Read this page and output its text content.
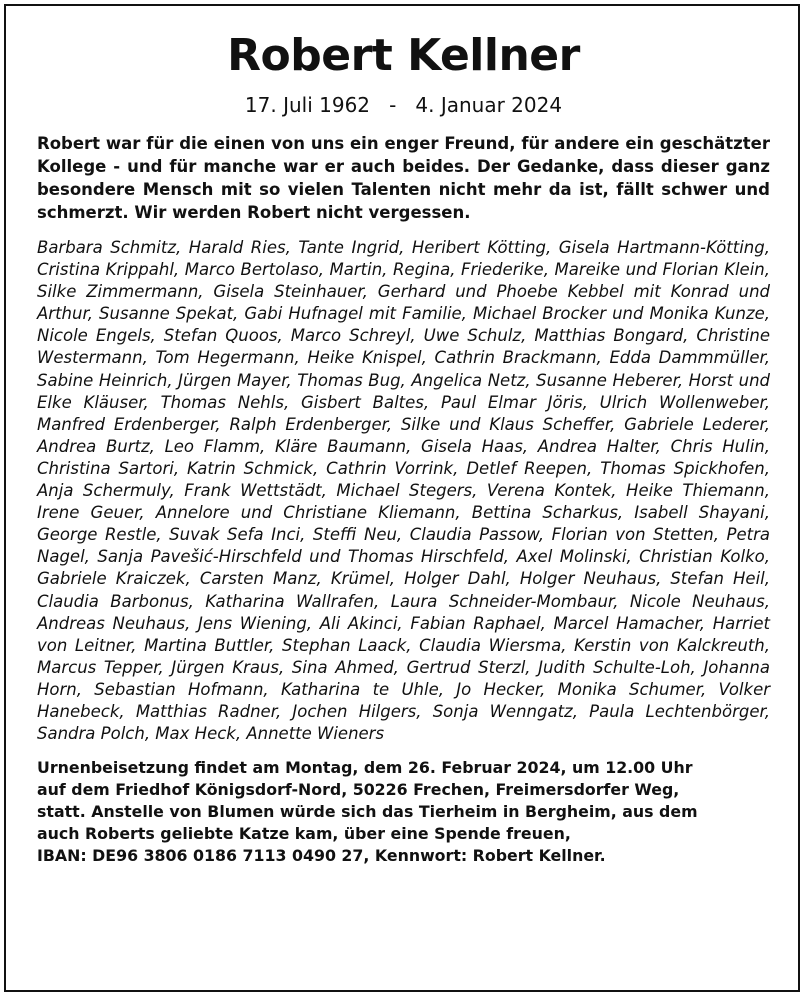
Robert Kellner
17. Juli 1962 - 4. Januar 2024

Robert war für die einen von uns ein enger Freund, für andere ein geschätzter Kollege - und für manche war er auch beides. Der Gedanke, dass dieser ganz besondere Mensch mit so vielen Talenten nicht mehr da ist, fällt schwer und schmerzt. Wir werden Robert nicht vergessen.

Barbara Schmitz, Harald Ries, Tante Ingrid, Heribert Kötting, Gisela Hartmann-Kötting, Cristina Krippahl, Marco Bertolaso, Martin, Regina, Friederike, Mareike und Florian Klein, Silke Zimmermann, Gisela Steinhauer, Gerhard und Phoebe Kebbel mit Konrad und Arthur, Susanne Spekat, Gabi Hufnagel mit Familie, Michael Brocker und Monika Kunze, Nicole Engels, Stefan Quoos, Marco Schreyl, Uwe Schulz, Matthias Bongard, Christine Westermann, Tom Hegermann, Heike Knispel, Cathrin Brackmann, Edda Dammmüller, Sabine Heinrich, Jürgen Mayer, Thomas Bug, Angelica Netz, Susanne Heberer, Horst und Elke Kläuser, Thomas Nehls, Gisbert Baltes, Paul Elmar Jöris, Ulrich Wollenweber, Manfred Erdenberger, Ralph Erdenberger, Silke und Klaus Scheffer, Gabriele Lederer, Andrea Burtz, Leo Flamm, Kläre Baumann, Gisela Haas, Andrea Halter, Chris Hulin, Christina Sartori, Katrin Schmick, Cathrin Vorrink, Detlef Reepen, Thomas Spickhofen, Anja Schermuly, Frank Wettstädt, Michael Stegers, Verena Kontek, Heike Thiemann, Irene Geuer, Annelore und Christiane Kliemann, Bettina Scharkus, Isabell Shayani, George Restle, Suvak Sefa Inci, Steffi Neu, Claudia Passow, Florian von Stetten, Petra Nagel, Sanja Pavešić-Hirschfeld und Thomas Hirschfeld, Axel Molinski, Christian Kolko, Gabriele Kraiczek, Carsten Manz, Krümel, Holger Dahl, Holger Neuhaus, Stefan Heil, Claudia Barbonus, Katharina Wallrafen, Laura Schneider-Mombaur, Nicole Neuhaus, Andreas Neuhaus, Jens Wiening, Ali Akinci, Fabian Raphael, Marcel Hamacher, Harriet von Leitner, Martina Buttler, Stephan Laack, Claudia Wiersma, Kerstin von Kalckreuth, Marcus Tepper, Jürgen Kraus, Sina Ahmed, Gertrud Sterzl, Judith Schulte-Loh, Johanna Horn, Sebastian Hofmann, Katharina te Uhle, Jo Hecker, Monika Schumer, Volker Hanebeck, Matthias Radner, Jochen Hilgers, Sonja Wenngatz, Paula Lechtenbörger, Sandra Polch, Max Heck, Annette Wieners

Urnenbeisetzung findet am Montag, dem 26. Februar 2024, um 12.00 Uhr
auf dem Friedhof Königsdorf-Nord, 50226 Frechen, Freimersdorfer Weg,
statt. Anstelle von Blumen würde sich das Tierheim in Bergheim, aus dem
auch Roberts geliebte Katze kam, über eine Spende freuen,
IBAN: DE96 3806 0186 7113 0490 27, Kennwort: Robert Kellner.
